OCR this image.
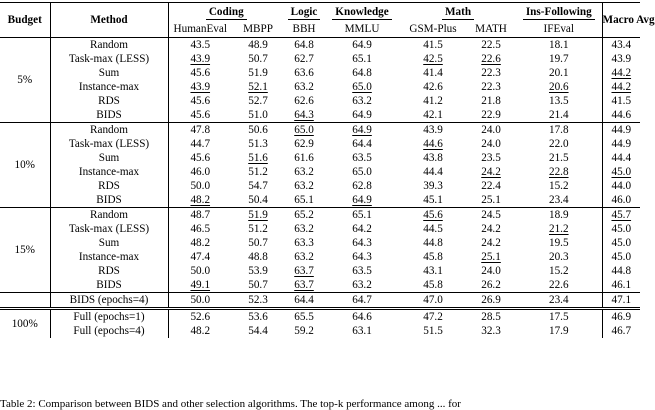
Budget	Method	Coding		Logic	Knowledge	Math		Ins-Following	Macro Avg
		HumanEval	MBPP	BBH	MMLU	GSM-Plus	MATH	IFEval	
5%	Random	43.5	48.9	64.8	64.9	41.5	22.5	18.1	43.4
	Task-max (LESS)	43.9	50.7	62.7	65.1	42.5	22.6	19.7	43.9
	Sum	45.6	51.9	63.6	64.8	41.4	22.3	20.1	44.2
	Instance-max	43.9	52.1	63.2	65.0	42.6	22.3	20.6	44.2
	RDS	45.6	52.7	62.6	63.2	41.2	21.8	13.5	41.5
	BIDS	45.6	51.0	64.3	64.9	42.1	22.9	21.4	44.6
10%	Random	47.8	50.6	65.0	64.9	43.9	24.0	17.8	44.9
	Task-max (LESS)	44.7	51.3	62.9	64.4	44.6	24.0	22.0	44.9
	Sum	45.6	51.6	61.6	63.5	43.8	23.5	21.5	44.4
	Instance-max	46.0	51.2	63.2	65.0	44.4	24.2	22.8	45.0
	RDS	50.0	54.7	63.2	62.8	39.3	22.4	15.2	44.0
	BIDS	48.2	50.4	65.1	64.9	45.1	25.1	23.4	46.0
15%	Random	48.7	51.9	65.2	65.1	45.6	24.5	18.9	45.7
	Task-max (LESS)	46.5	51.2	63.2	64.2	44.5	24.2	21.2	45.0
	Sum	48.2	50.7	63.3	64.3	44.8	24.2	19.5	45.0
	Instance-max	47.4	48.8	63.2	64.3	45.8	25.1	20.3	45.0
	RDS	50.0	53.9	63.7	63.5	43.1	24.0	15.2	44.8
	BIDS	49.1	50.7	63.7	63.2	45.8	26.2	22.6	46.1
	BIDS (epochs=4)	50.0	52.3	64.4	64.7	47.0	26.9	23.4	47.1
100%	Full (epochs=1)	52.6	53.6	65.5	64.6	47.2	28.5	17.5	46.9
	Full (epochs=4)	48.2	54.4	59.2	63.1	51.5	32.3	17.9	46.7
Table 2: Comparison between BIDS and other selection algorithms. The top-k performance among ... for
